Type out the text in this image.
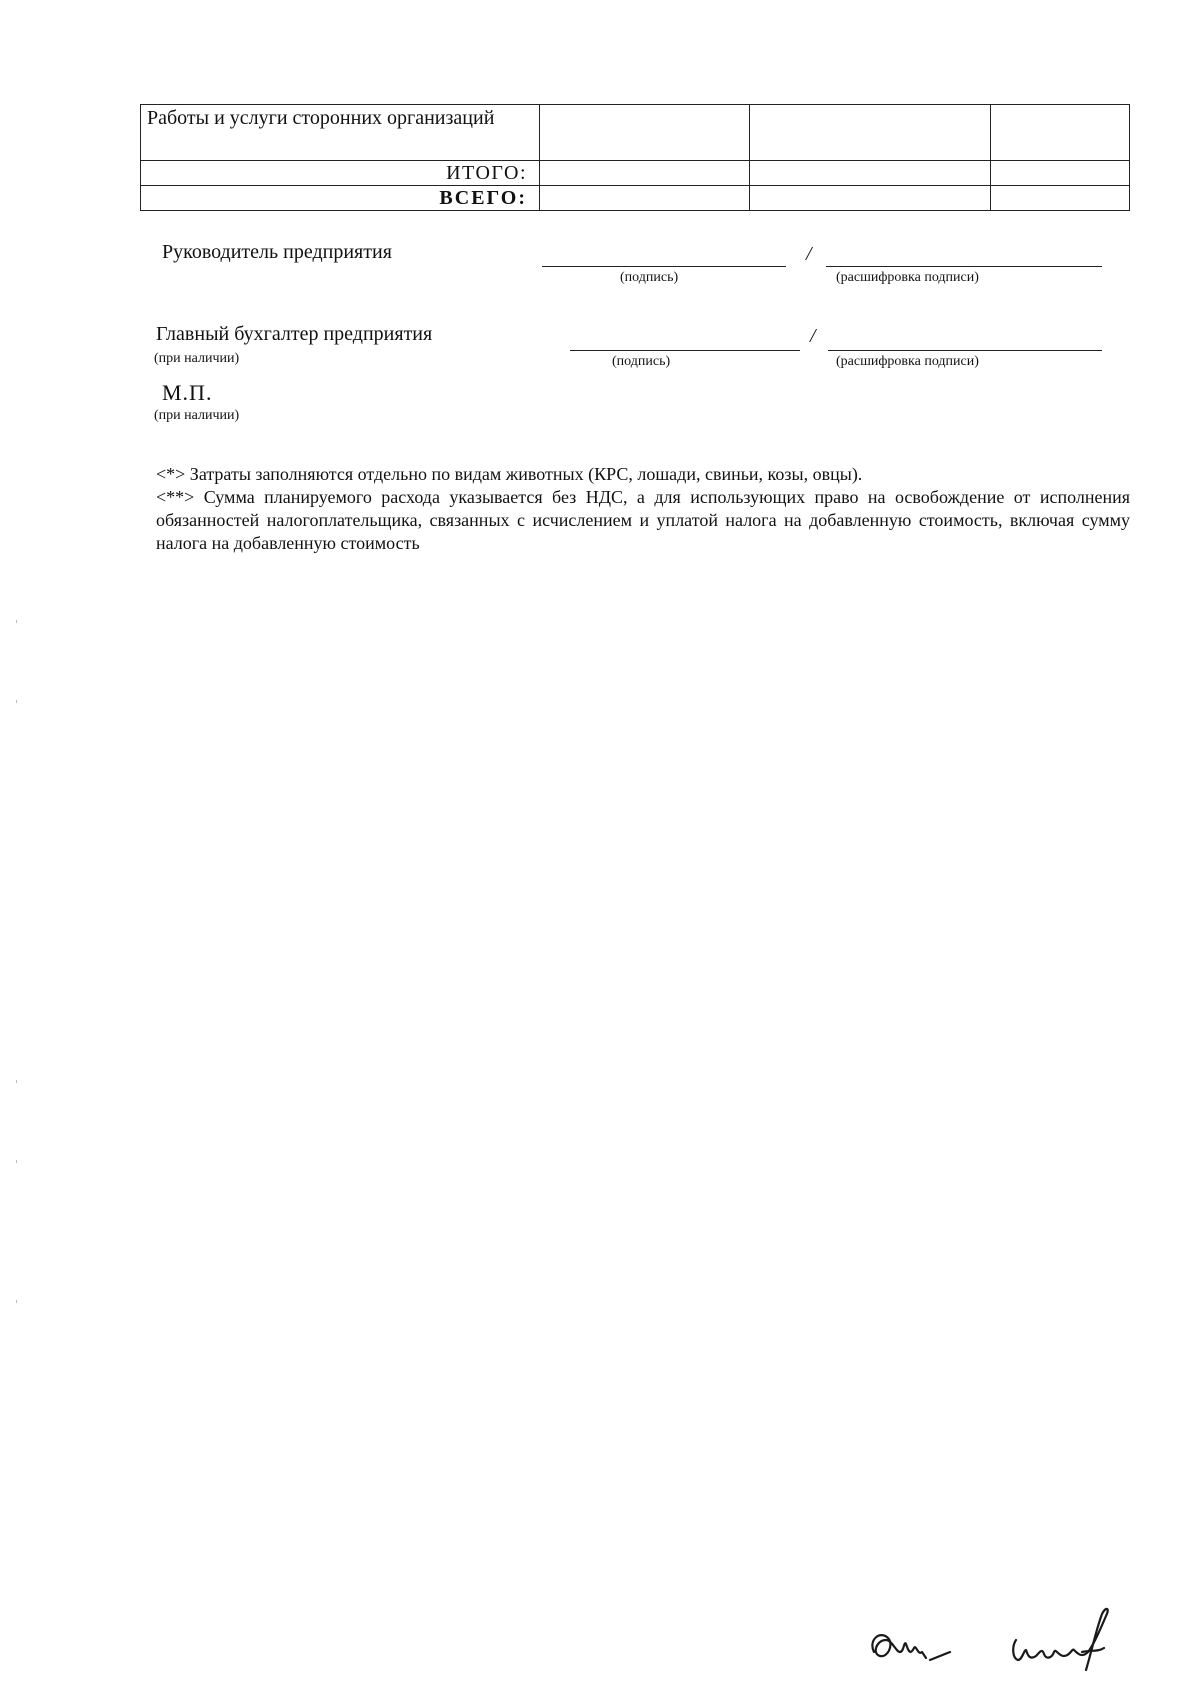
Работы и услуги сторонних организаций			
ИТОГО:			
ВСЕГО:			
Руководитель предприятия	/
(подпись)	(расшифровка подписи)
Главный бухгалтер предприятия
(при наличии)
/
(подпись)	(расшифровка подписи)
М.П.
(при наличии)

<*> Затраты заполняются отдельно по видам животных (КРС, лошади, свиньи, козы, овцы).

<**> Сумма планируемого расхода указывается без НДС, а для использующих право на освобождение от исполнения обязанностей налогоплательщика, связанных с исчислением и уплатой налога на добавленную стоимость, включая сумму налога на добавленную стоимость
